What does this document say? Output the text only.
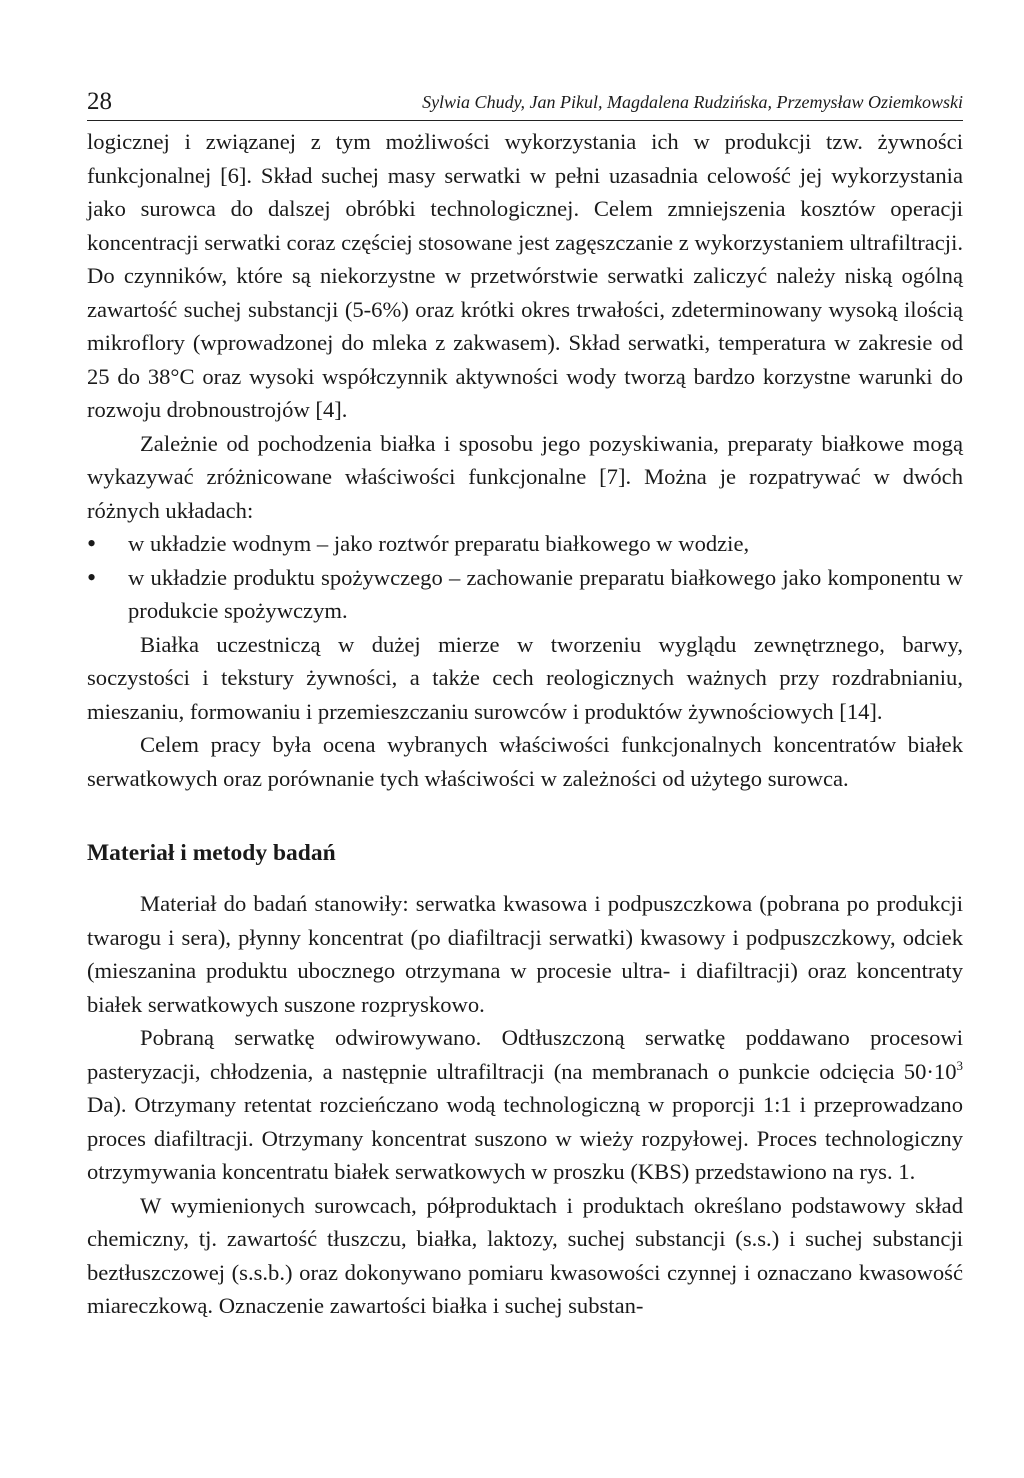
28	Sylwia Chudy, Jan Pikul, Magdalena Rudzińska, Przemysław Oziemkowski

logicznej i związanej z tym możliwości wykorzystania ich w produkcji tzw. żywności funkcjonalnej [6]. Skład suchej masy serwatki w pełni uzasadnia celowość jej wykorzystania jako surowca do dalszej obróbki technologicznej. Celem zmniejszenia kosztów operacji koncentracji serwatki coraz częściej stosowane jest zagęszczanie z wykorzystaniem ultrafiltracji. Do czynników, które są niekorzystne w przetwórstwie serwatki zaliczyć należy niską ogólną zawartość suchej substancji (5-6%) oraz krótki okres trwałości, zdeterminowany wysoką ilością mikroflory (wprowadzonej do mleka z zakwasem). Skład serwatki, temperatura w zakresie od 25 do 38°C oraz wysoki współczynnik aktywności wody tworzą bardzo korzystne warunki do rozwoju drobnoustrojów [4].

Zależnie od pochodzenia białka i sposobu jego pozyskiwania, preparaty białkowe mogą wykazywać zróżnicowane właściwości funkcjonalne [7]. Można je rozpatrywać w dwóch różnych układach:

• w układzie wodnym – jako roztwór preparatu białkowego w wodzie,
• w układzie produktu spożywczego – zachowanie preparatu białkowego jako komponentu w produkcie spożywczym.

Białka uczestniczą w dużej mierze w tworzeniu wyglądu zewnętrznego, barwy, soczystości i tekstury żywności, a także cech reologicznych ważnych przy rozdrabnianiu, mieszaniu, formowaniu i przemieszczaniu surowców i produktów żywnościowych [14].

Celem pracy była ocena wybranych właściwości funkcjonalnych koncentratów białek serwatkowych oraz porównanie tych właściwości w zależności od użytego surowca.

Materiał i metody badań

Materiał do badań stanowiły: serwatka kwasowa i podpuszczkowa (pobrana po produkcji twarogu i sera), płynny koncentrat (po diafiltracji serwatki) kwasowy i podpuszczkowy, odciek (mieszanina produktu ubocznego otrzymana w procesie ultra- i diafiltracji) oraz koncentraty białek serwatkowych suszone rozpryskowo.

Pobraną serwatkę odwirowywano. Odtłuszczoną serwatkę poddawano procesowi pasteryzacji, chłodzenia, a następnie ultrafiltracji (na membranach o punkcie odcięcia $50\cdot 10^3$ Da). Otrzymany retentat rozcieńczano wodą technologiczną w proporcji 1:1 i przeprowadzano proces diafiltracji. Otrzymany koncentrat suszono w wieży rozpyłowej. Proces technologiczny otrzymywania koncentratu białek serwatkowych w proszku (KBS) przedstawiono na rys. 1.

W wymienionych surowcach, półproduktach i produktach określano podstawowy skład chemiczny, tj. zawartość tłuszczu, białka, laktozy, suchej substancji (s.s.) i suchej substancji beztłuszczowej (s.s.b.) oraz dokonywano pomiaru kwasowości czynnej i oznaczano kwasowość miareczkową. Oznaczenie zawartości białka i suchej substan-
